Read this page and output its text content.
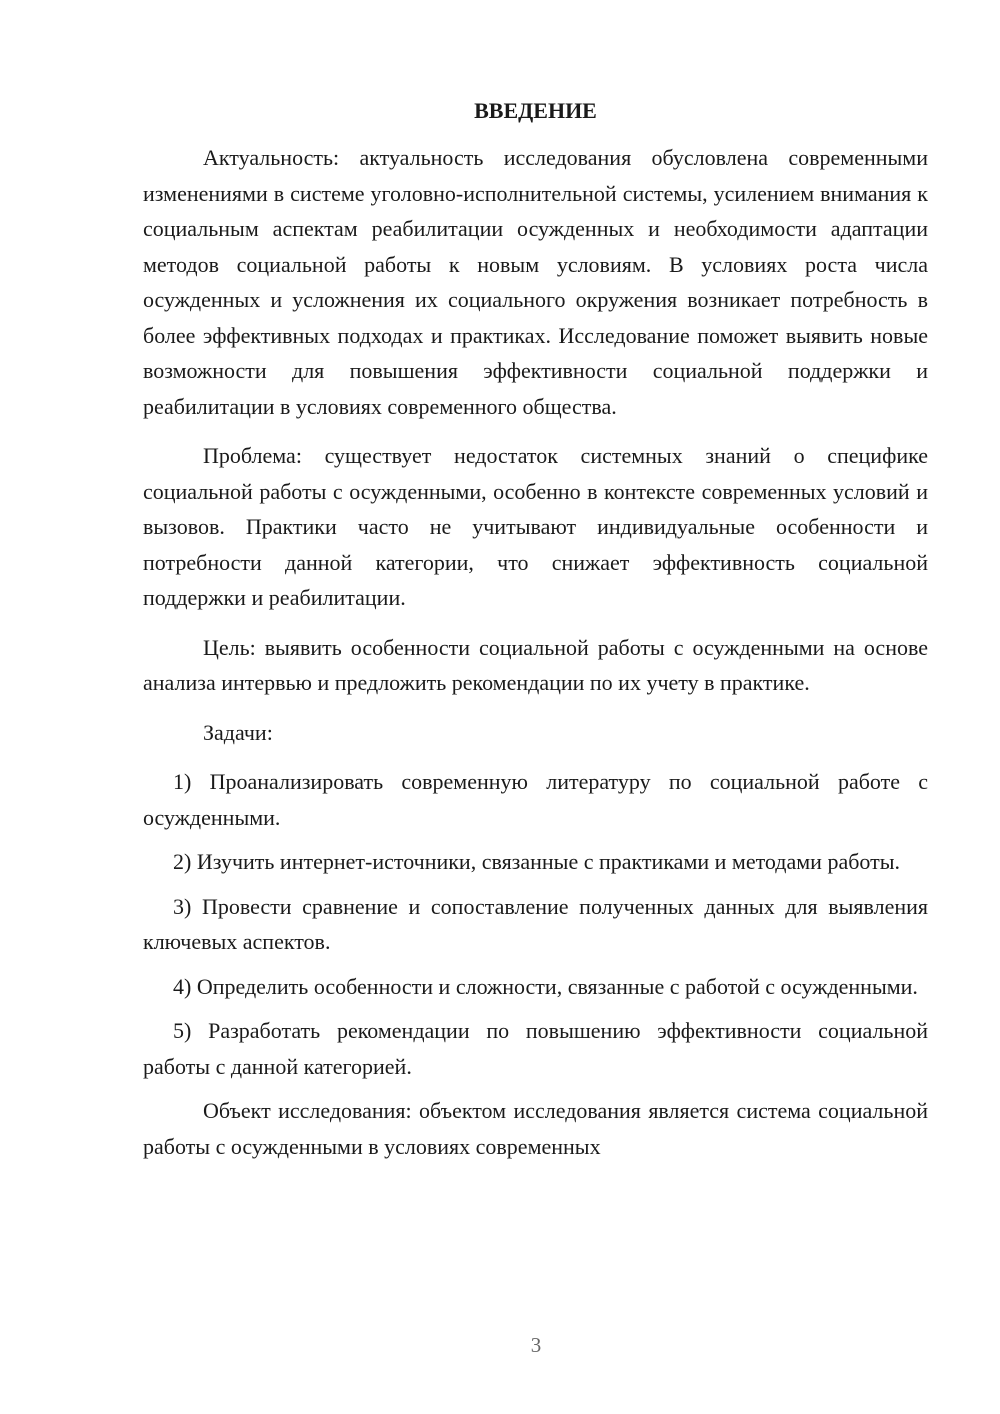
ВВЕДЕНИЕ

Актуальность: актуальность исследования обусловлена современными изменениями в системе уголовно-исполнительной системы, усилением внимания к социальным аспектам реабилитации осужденных и необходимости адаптации методов социальной работы к новым условиям. В условиях роста числа осужденных и усложнения их социального окружения возникает потребность в более эффективных подходах и практиках. Исследование поможет выявить новые возможности для повышения эффективности социальной поддержки и реабилитации в условиях современного общества.

Проблема: существует недостаток системных знаний о специфике социальной работы с осужденными, особенно в контексте современных условий и вызовов. Практики часто не учитывают индивидуальные особенности и потребности данной категории, что снижает эффективность социальной поддержки и реабилитации.

Цель: выявить особенности социальной работы с осужденными на основе анализа интервью и предложить рекомендации по их учету в практике.

Задачи:

1) Проанализировать современную литературу по социальной работе с осужденными.

2) Изучить интернет-источники, связанные с практиками и методами работы.

3) Провести сравнение и сопоставление полученных данных для выявления ключевых аспектов.

4) Определить особенности и сложности, связанные с работой с осужденными.

5) Разработать рекомендации по повышению эффективности социальной работы с данной категорией.

Объект исследования: объектом исследования является система социальной работы с осужденными в условиях современных

3
